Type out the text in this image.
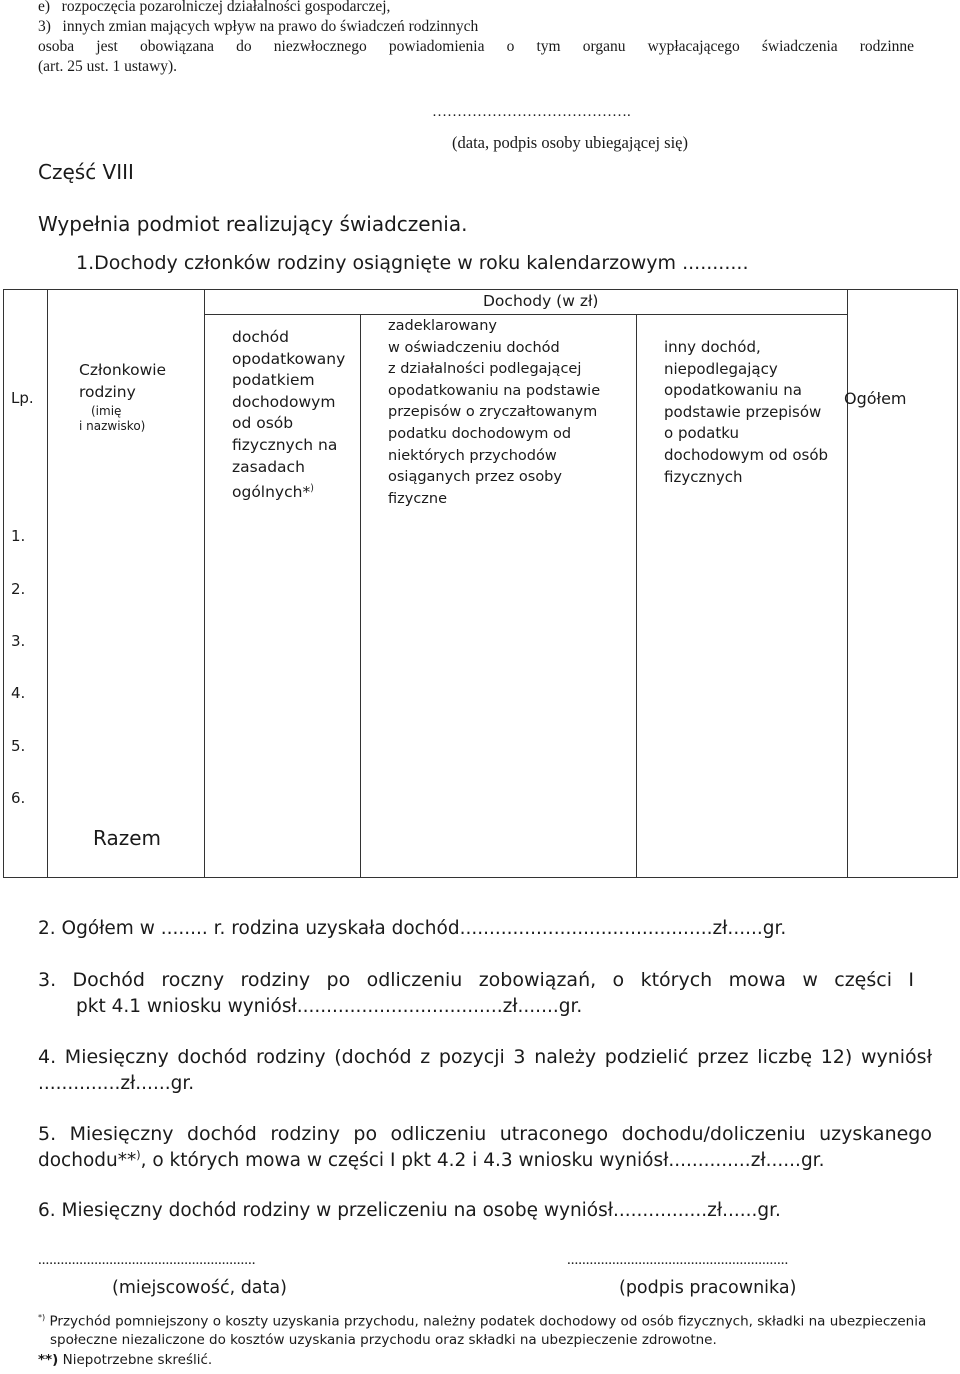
e)   rozpoczęcia pozarolniczej działalności gospodarczej,
3)   innych zmian mających wpływ na prawo do świadczeń rodzinnych
osoba jest obowiązana do niezwłocznego powiadomienia o tym organu wypłacającego świadczenia rodzinne
(art. 25 ust. 1 ustawy).
………………………………….
(data, podpis osoby ubiegającej się)
Część VIII
Wypełnia podmiot realizujący świadczenia.
1.Dochody członków rodziny osiągnięte w roku kalendarzowym ...........
Lp.
Członkowie
rodziny
(imię
i nazwisko)
Dochody (w zł)
dochód
opodatkowany
podatkiem
dochodowym
od osób
fizycznych na
zasadach
ogólnych*)
zadeklarowany
w oświadczeniu dochód
z działalności podlegającej
opodatkowaniu na podstawie
przepisów o zryczałtowanym
podatku dochodowym od
niektórych przychodów
osiąganych przez osoby
fizyczne
inny dochód,
niepodlegający
opodatkowaniu na
podstawie przepisów
o podatku
dochodowym od osób
fizycznych
Ogółem
1.
2.
3.
4.
5.
6.
Razem
2. Ogółem w ........ r. rodzina uzyskała dochód...........................................zł......gr.
3. Dochód roczny rodziny po odliczeniu zobowiązań, o których mowa w części I
pkt 4.1 wniosku wyniósł...................................zł.......gr.
4. Miesięczny dochód rodziny (dochód z pozycji 3 należy podzielić przez liczbę 12) wyniósł
..............zł......gr.
5. Miesięczny dochód rodziny po odliczeniu utraconego dochodu/doliczeniu uzyskanego
dochodu**), o których mowa w części I pkt 4.2 i 4.3 wniosku wyniósł..............zł......gr.
6. Miesięczny dochód rodziny w przeliczeniu na osobę wyniósł................zł......gr.
..........................................................
(miejscowość, data)
...........................................................
(podpis pracownika)
*) Przychód pomniejszony o koszty uzyskania przychodu, należny podatek dochodowy od osób fizycznych, składki na ubezpieczenia
społeczne niezaliczone do kosztów uzyskania przychodu oraz składki na ubezpieczenie zdrowotne.
**) Niepotrzebne skreślić.
